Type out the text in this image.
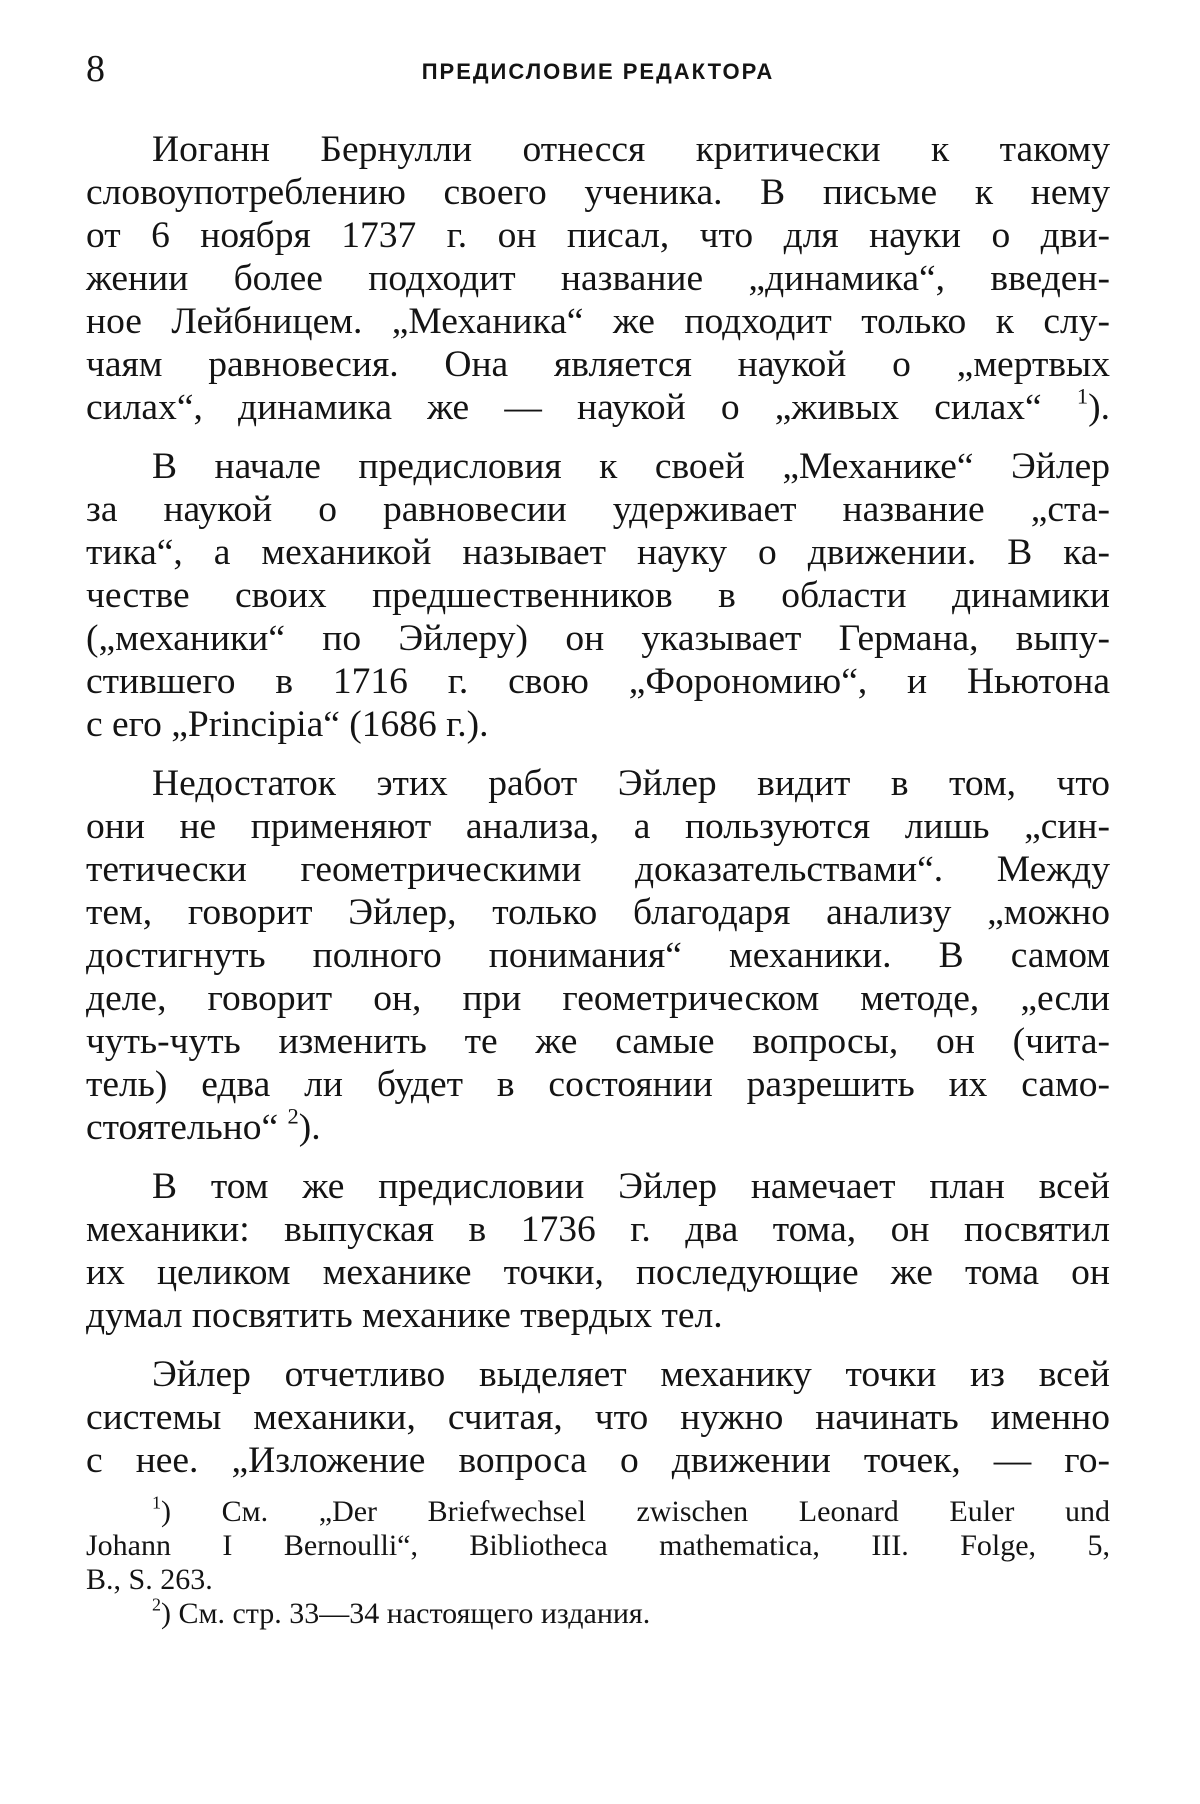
8	ПРЕДИСЛОВИЕ РЕДАКТОРА

Иоганн Бернулли отнесся критически к такому
словоупотреблению своего ученика. В письме к нему
от 6 ноября 1737 г. он писал, что для науки о дви-
жении более подходит название „динамика“, введен-
ное Лейбницем. „Механика“ же подходит только к слу-
чаям равновесия. Она является наукой о „мертвых
силах“, динамика же — наукой о „живых силах“ $^1$).

В начале предисловия к своей „Механике“ Эйлер
за наукой о равновесии удерживает название „ста-
тика“, а механикой называет науку о движении. В ка-
честве своих предшественников в области динамики
(„механики“ по Эйлеру) он указывает Германа, выпу-
стившего в 1716 г. свою „Форономию“, и Ньютона
с его „Principia“ (1686 г.).

Недостаток этих работ Эйлер видит в том, что
они не применяют анализа, а пользуются лишь „син-
тетически геометрическими доказательствами“. Между
тем, говорит Эйлер, только благодаря анализу „можно
достигнуть полного понимания“ механики. В самом
деле, говорит он, при геометрическом методе, „если
чуть-чуть изменить те же самые вопросы, он (чита-
тель) едва ли будет в состоянии разрешить их само-
стоятельно“ $^2$).

В том же предисловии Эйлер намечает план всей
механики: выпуская в 1736 г. два тома, он посвятил
их целиком механике точки, последующие же тома он
думал посвятить механике твердых тел.

Эйлер отчетливо выделяет механику точки из всей
системы механики, считая, что нужно начинать именно
с нее. „Изложение вопроса о движении точек, — го-

$^1$) См. „Der Briefwechsel zwischen Leonard Euler und
Johann I Bernoulli“, Bibliotheca mathematica, III. Folge, 5,
B., S. 263.
$^2$) См. стр. 33—34 настоящего издания.
